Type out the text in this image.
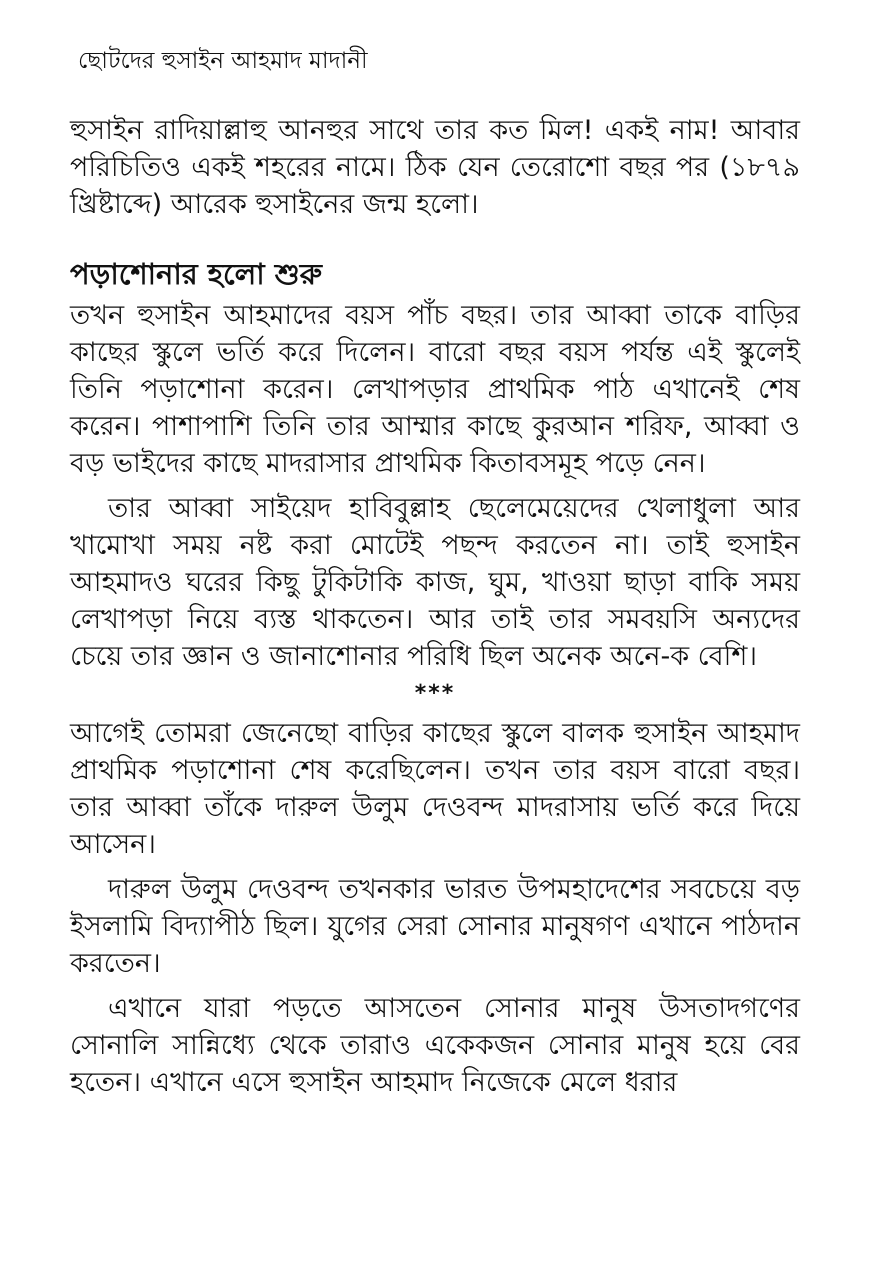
ছোটদের হুসাইন আহমাদ মাদানী

হুসাইন রাদিয়াল্লাহু আনহুর সাথে তার কত মিল! একই নাম! আবার পরিচিতিও একই শহরের নামে। ঠিক যেন তেরোশো বছর পর (১৮৭৯ খ্রিষ্টাব্দে) আরেক হুসাইনের জন্ম হলো।

পড়াশোনার হলো শুরু

তখন হুসাইন আহমাদের বয়স পাঁচ বছর। তার আব্বা তাকে বাড়ির কাছের স্কুলে ভর্তি করে দিলেন। বারো বছর বয়স পর্যন্ত এই স্কুলেই তিনি পড়াশোনা করেন। লেখাপড়ার প্রাথমিক পাঠ এখানেই শেষ করেন। পাশাপাশি তিনি তার আম্মার কাছে কুরআন শরিফ, আব্বা ও বড় ভাইদের কাছে মাদরাসার প্রাথমিক কিতাবসমূহ পড়ে নেন।

তার আব্বা সাইয়েদ হাবিবুল্লাহ ছেলেমেয়েদের খেলাধুলা আর খামোখা সময় নষ্ট করা মোটেই পছন্দ করতেন না। তাই হুসাইন আহমাদও ঘরের কিছু টুকিটাকি কাজ, ঘুম, খাওয়া ছাড়া বাকি সময় লেখাপড়া নিয়ে ব্যস্ত থাকতেন। আর তাই তার সমবয়সি অন্যদের চেয়ে তার জ্ঞান ও জানাশোনার পরিধি ছিল অনেক অনে-ক বেশি।

***

আগেই তোমরা জেনেছো বাড়ির কাছের স্কুলে বালক হুসাইন আহমাদ প্রাথমিক পড়াশোনা শেষ করেছিলেন। তখন তার বয়স বারো বছর। তার আব্বা তাঁকে দারুল উলুম দেওবন্দ মাদরাসায় ভর্তি করে দিয়ে আসেন।

দারুল উলুম দেওবন্দ তখনকার ভারত উপমহাদেশের সবচেয়ে বড় ইসলামি বিদ্যাপীঠ ছিল। যুগের সেরা সোনার মানুষগণ এখানে পাঠদান করতেন।

এখানে যারা পড়তে আসতেন সোনার মানুষ উসতাদগণের সোনালি সান্নিধ্যে থেকে তারাও একেকজন সোনার মানুষ হয়ে বের হতেন। এখানে এসে হুসাইন আহমাদ নিজেকে মেলে ধরার
